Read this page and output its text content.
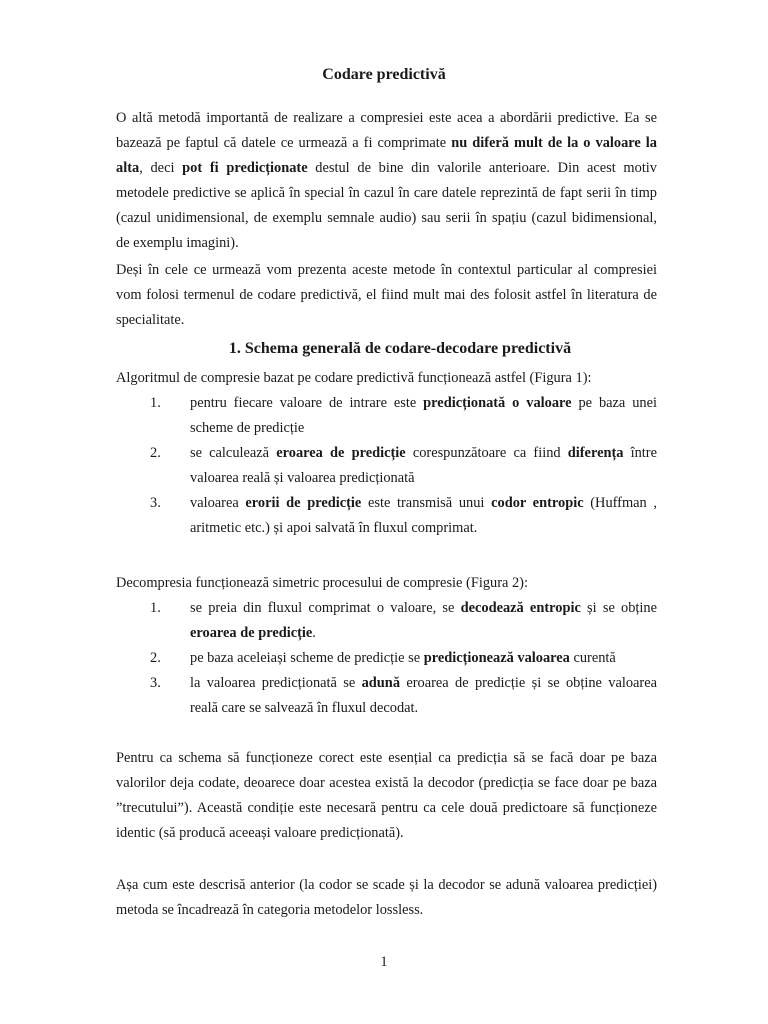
Codare predictivă

O altă metodă importantă de realizare a compresiei este acea a abordării predictive. Ea se bazează pe faptul că datele ce urmează a fi comprimate nu diferă mult de la o valoare la alta, deci pot fi predicționate destul de bine din valorile anterioare. Din acest motiv metodele predictive se aplică în special în cazul în care datele reprezintă de fapt serii în timp (cazul unidimensional, de exemplu semnale audio) sau serii în spațiu (cazul bidimensional, de exemplu imagini).

Deși în cele ce urmează vom prezenta aceste metode în contextul particular al compresiei vom folosi termenul de codare predictivă, el fiind mult mai des folosit astfel în literatura de specialitate.

1. Schema generală de codare-decodare predictivă

Algoritmul de compresie bazat pe codare predictivă funcționează astfel (Figura 1):

1. pentru fiecare valoare de intrare este predicționată o valoare pe baza unei scheme de predicție
2. se calculează eroarea de predicție corespunzătoare ca fiind diferența între valoarea reală și valoarea predicționată
3. valoarea erorii de predicție este transmisă unui codor entropic (Huffman , aritmetic etc.) și apoi salvată în fluxul comprimat.

Decompresia funcționează simetric procesului de compresie (Figura 2):

1. se preia din fluxul comprimat o valoare, se decodează entropic și se obține eroarea de predicție.
2. pe baza aceleiași scheme de predicție se predicționează valoarea curentă
3. la valoarea predicționată se adună eroarea de predicție și se obține valoarea reală care se salvează în fluxul decodat.

Pentru ca schema să funcționeze corect este esențial ca predicția să se facă doar pe baza valorilor deja codate, deoarece doar acestea există la decodor (predicția se face doar pe baza ”trecutului”). Această condiție este necesară pentru ca cele două predictoare să funcționeze identic (să producă aceeași valoare predicționată).

Așa cum este descrisă anterior (la codor se scade și la decodor se adună valoarea predicției) metoda se încadrează în categoria metodelor lossless.

1
